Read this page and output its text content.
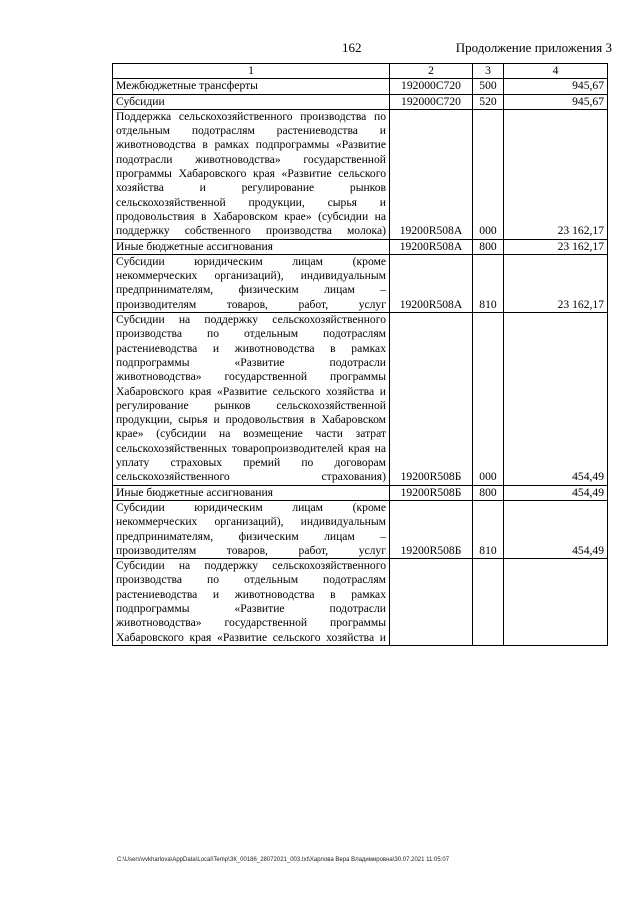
162	Продолжение приложения 3
1	2	3	4
Межбюджетные трансферты	192000С720	500	945,67
Субсидии	192000С720	520	945,67
Поддержка сельскохозяйственного производства по отдельным подотраслям растениеводства и животноводства в рамках подпрограммы «Развитие подотрасли животноводства» государственной программы Хабаровского края «Развитие сельского хозяйства и регулирование рынков сельскохозяйственной продукции, сырья и продовольствия в Хабаровском крае» (субсидии на поддержку собственного производства молока)	19200R508А	000	23 162,17
Иные бюджетные ассигнования	19200R508А	800	23 162,17
Субсидии юридическим лицам (кроме некоммерческих организаций), индивидуальным предпринимателям, физическим лицам – производителям товаров, работ, услуг	19200R508А	810	23 162,17
Субсидии на поддержку сельскохозяйственного производства по отдельным подотраслям растениеводства и животноводства в рамках подпрограммы «Развитие подотрасли животноводства» государственной программы Хабаровского края «Развитие сельского хозяйства и регулирование рынков сельскохозяйственной продукции, сырья и продовольствия в Хабаровском крае» (субсидии на возмещение части затрат сельскохозяйственных товаропроизводителей края на уплату страховых премий по договорам сельскохозяйственного страхования)	19200R508Б	000	454,49
Иные бюджетные ассигнования	19200R508Б	800	454,49
Субсидии юридическим лицам (кроме некоммерческих организаций), индивидуальным предпринимателям, физическим лицам – производителям товаров, работ, услуг	19200R508Б	810	454,49
Субсидии на поддержку сельскохозяйственного производства по отдельным подотраслям растениеводства и животноводства в рамках подпрограммы «Развитие подотрасли животноводства» государственной программы Хабаровского края «Развитие сельского хозяйства и			
C:\Users\vvkharlova\AppData\Local\Temp\ЗК_00186_28072021_003.txt\Харлова Вера Владимировна\30.07.2021 11:05:07
